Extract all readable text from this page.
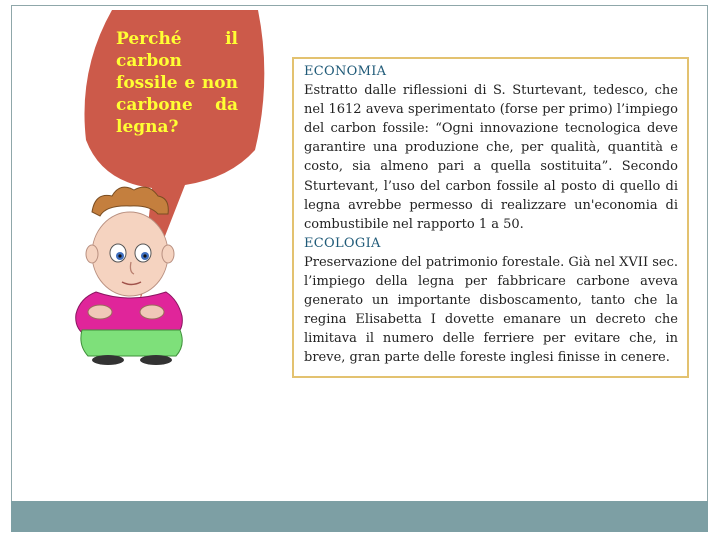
Perché il
carbon
fossile e non
carbone da
legna?
ECONOMIA

Estratto dalle riflessioni di S. Sturtevant, tedesco, che nel 1612 aveva sperimentato (forse per primo) l’impiego del carbon fossile: “Ogni innovazione tecnologica deve garantire una produzione che, per qualità, quantità e costo, sia almeno pari a quella sostituita”. Secondo Sturtevant, l’uso del carbon fossile al posto di quello di legna avrebbe permesso di realizzare un'economia di combustibile nel rapporto 1 a 50.

ECOLOGIA

Preservazione del patrimonio forestale. Già nel XVII sec. l’impiego della legna per fabbricare carbone aveva generato un importante disboscamento, tanto che la regina Elisabetta I dovette emanare un decreto che limitava il numero delle ferriere per evitare che, in breve, gran parte delle foreste inglesi finisse in cenere.
